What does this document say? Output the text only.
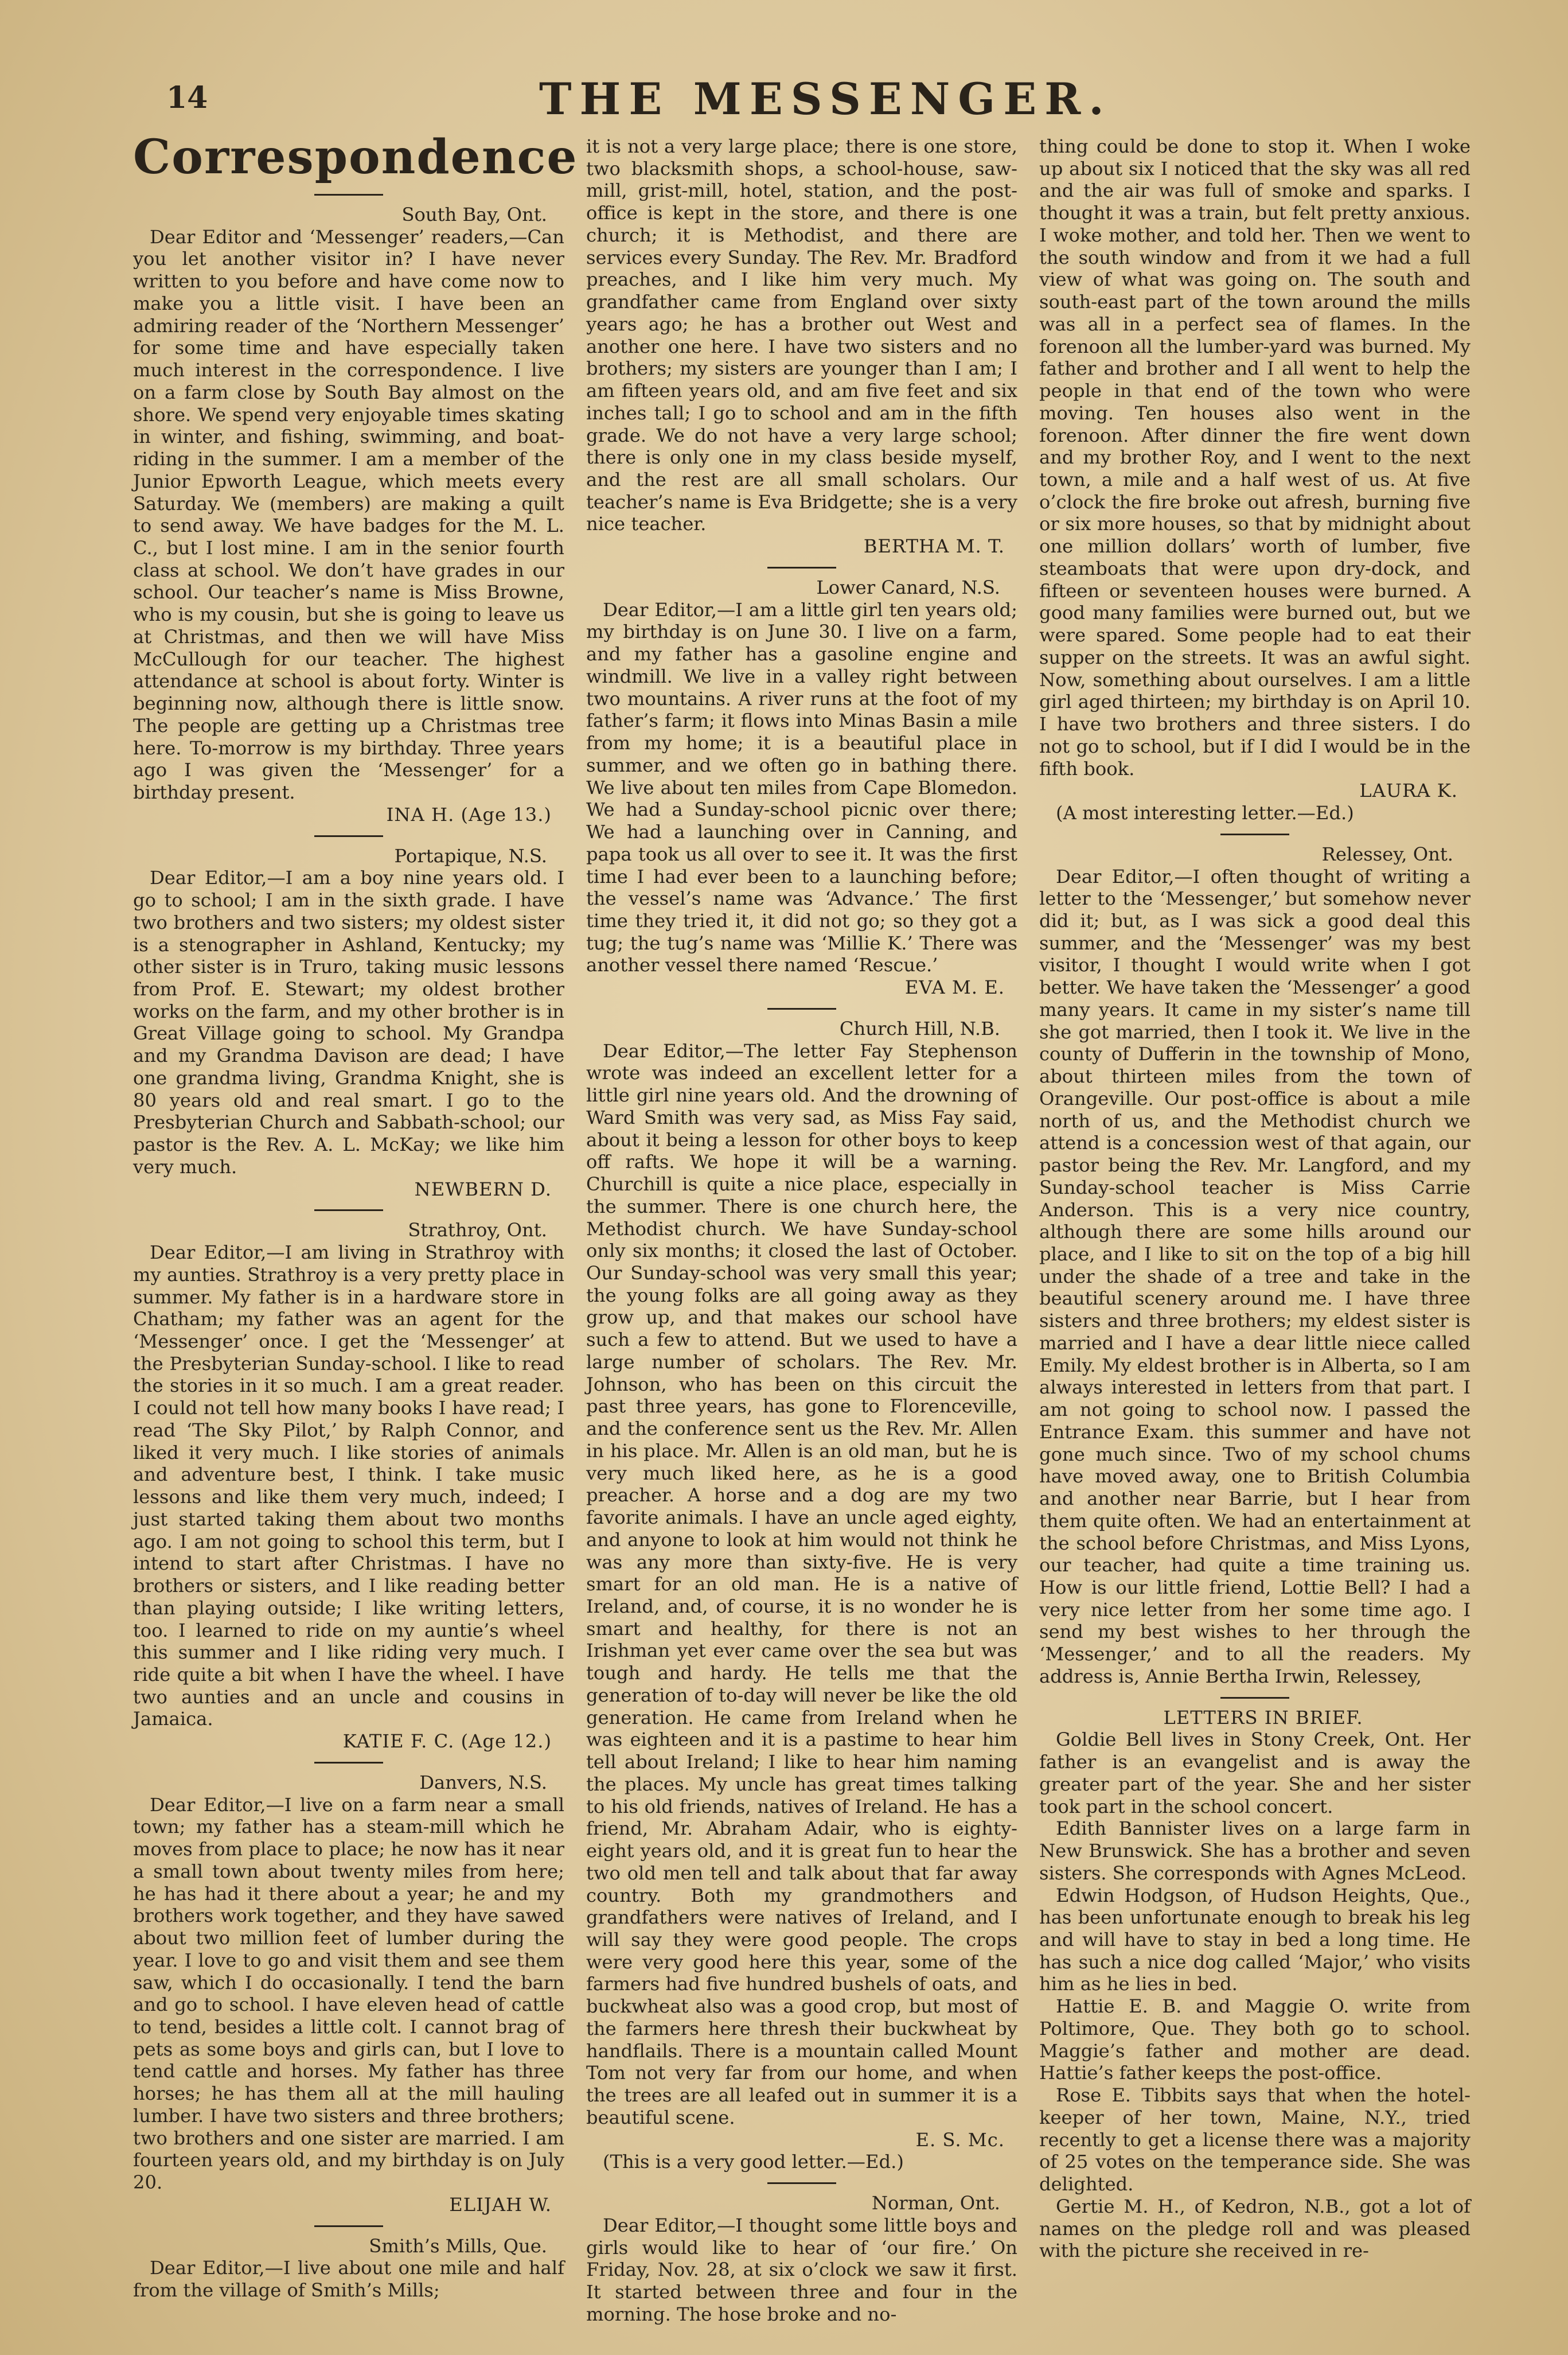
14	THE MESSENGER.
Correspondence

South Bay, Ont.

Dear Editor and ‘Messenger’ readers,—Can you let another visitor in? I have never written to you before and have come now to make you a little visit. I have been an admiring reader of the ‘Northern Messenger’ for some time and have especially taken much interest in the correspondence. I live on a farm close by South Bay almost on the shore. We spend very enjoyable times skating in winter, and fishing, swimming, and boat-riding in the summer. I am a member of the Junior Epworth League, which meets every Saturday. We (members) are making a quilt to send away. We have badges for the M. L. C., but I lost mine. I am in the senior fourth class at school. We don’t have grades in our school. Our teacher’s name is Miss Browne, who is my cousin, but she is going to leave us at Christmas, and then we will have Miss McCullough for our teacher. The highest attendance at school is about forty. Winter is beginning now, although there is little snow. The people are getting up a Christmas tree here. To-morrow is my birthday. Three years ago I was given the ‘Messenger’ for a birthday present.

INA H. (Age 13.)

Portapique, N.S.

Dear Editor,—I am a boy nine years old. I go to school; I am in the sixth grade. I have two brothers and two sisters; my oldest sister is a stenographer in Ashland, Kentucky; my other sister is in Truro, taking music lessons from Prof. E. Stewart; my oldest brother works on the farm, and my other brother is in Great Village going to school. My Grandpa and my Grandma Davison are dead; I have one grandma living, Grandma Knight, she is 80 years old and real smart. I go to the Presbyterian Church and Sabbath-school; our pastor is the Rev. A. L. McKay; we like him very much.

NEWBERN D.

Strathroy, Ont.

Dear Editor,—I am living in Strathroy with my aunties. Strathroy is a very pretty place in summer. My father is in a hardware store in Chatham; my father was an agent for the ‘Messenger’ once. I get the ‘Messenger’ at the Presbyterian Sunday-school. I like to read the stories in it so much. I am a great reader. I could not tell how many books I have read; I read ‘The Sky Pilot,’ by Ralph Connor, and liked it very much. I like stories of animals and adventure best, I think. I take music lessons and like them very much, indeed; I just started taking them about two months ago. I am not going to school this term, but I intend to start after Christmas. I have no brothers or sisters, and I like reading better than playing outside; I like writing letters, too. I learned to ride on my auntie’s wheel this summer and I like riding very much. I ride quite a bit when I have the wheel. I have two aunties and an uncle and cousins in Jamaica.

KATIE F. C. (Age 12.)

Danvers, N.S.

Dear Editor,—I live on a farm near a small town; my father has a steam-mill which he moves from place to place; he now has it near a small town about twenty miles from here; he has had it there about a year; he and my brothers work together, and they have sawed about two million feet of lumber during the year. I love to go and visit them and see them saw, which I do occasionally. I tend the barn and go to school. I have eleven head of cattle to tend, besides a little colt. I cannot brag of pets as some boys and girls can, but I love to tend cattle and horses. My father has three horses; he has them all at the mill hauling lumber. I have two sisters and three brothers; two brothers and one sister are married. I am fourteen years old, and my birthday is on July 20.

ELIJAH W.

Smith’s Mills, Que.

Dear Editor,—I live about one mile and half from the village of Smith’s Mills;

it is not a very large place; there is one store, two blacksmith shops, a school-house, saw-mill, grist-mill, hotel, station, and the post-office is kept in the store, and there is one church; it is Methodist, and there are services every Sunday. The Rev. Mr. Bradford preaches, and I like him very much. My grandfather came from England over sixty years ago; he has a brother out West and another one here. I have two sisters and no brothers; my sisters are younger than I am; I am fifteen years old, and am five feet and six inches tall; I go to school and am in the fifth grade. We do not have a very large school; there is only one in my class beside myself, and the rest are all small scholars. Our teacher’s name is Eva Bridgette; she is a very nice teacher.

BERTHA M. T.

Lower Canard, N.S.

Dear Editor,—I am a little girl ten years old; my birthday is on June 30. I live on a farm, and my father has a gasoline engine and windmill. We live in a valley right between two mountains. A river runs at the foot of my father’s farm; it flows into Minas Basin a mile from my home; it is a beautiful place in summer, and we often go in bathing there. We live about ten miles from Cape Blomedon. We had a Sunday-school picnic over there; We had a launching over in Canning, and papa took us all over to see it. It was the first time I had ever been to a launching before; the vessel’s name was ‘Advance.’ The first time they tried it, it did not go; so they got a tug; the tug’s name was ‘Millie K.’ There was another vessel there named ‘Rescue.’

EVA M. E.

Church Hill, N.B.

Dear Editor,—The letter Fay Stephenson wrote was indeed an excellent letter for a little girl nine years old. And the drowning of Ward Smith was very sad, as Miss Fay said, about it being a lesson for other boys to keep off rafts. We hope it will be a warning. Churchill is quite a nice place, especially in the summer. There is one church here, the Methodist church. We have Sunday-school only six months; it closed the last of October. Our Sunday-school was very small this year; the young folks are all going away as they grow up, and that makes our school have such a few to attend. But we used to have a large number of scholars. The Rev. Mr. Johnson, who has been on this circuit the past three years, has gone to Florenceville, and the conference sent us the Rev. Mr. Allen in his place. Mr. Allen is an old man, but he is very much liked here, as he is a good preacher. A horse and a dog are my two favorite animals. I have an uncle aged eighty, and anyone to look at him would not think he was any more than sixty-five. He is very smart for an old man. He is a native of Ireland, and, of course, it is no wonder he is smart and healthy, for there is not an Irishman yet ever came over the sea but was tough and hardy. He tells me that the generation of to-day will never be like the old generation. He came from Ireland when he was eighteen and it is a pastime to hear him tell about Ireland; I like to hear him naming the places. My uncle has great times talking to his old friends, natives of Ireland. He has a friend, Mr. Abraham Adair, who is eighty-eight years old, and it is great fun to hear the two old men tell and talk about that far away country. Both my grandmothers and grandfathers were natives of Ireland, and I will say they were good people. The crops were very good here this year, some of the farmers had five hundred bushels of oats, and buckwheat also was a good crop, but most of the farmers here thresh their buckwheat by handflails. There is a mountain called Mount Tom not very far from our home, and when the trees are all leafed out in summer it is a beautiful scene.

E. S. Mc.

(This is a very good letter.—Ed.)

Norman, Ont.

Dear Editor,—I thought some little boys and girls would like to hear of ‘our fire.’ On Friday, Nov. 28, at six o’clock we saw it first. It started between three and four in the morning. The hose broke and no-

thing could be done to stop it. When I woke up about six I noticed that the sky was all red and the air was full of smoke and sparks. I thought it was a train, but felt pretty anxious. I woke mother, and told her. Then we went to the south window and from it we had a full view of what was going on. The south and south-east part of the town around the mills was all in a perfect sea of flames. In the forenoon all the lumber-yard was burned. My father and brother and I all went to help the people in that end of the town who were moving. Ten houses also went in the forenoon. After dinner the fire went down and my brother Roy, and I went to the next town, a mile and a half west of us. At five o’clock the fire broke out afresh, burning five or six more houses, so that by midnight about one million dollars’ worth of lumber, five steamboats that were upon dry-dock, and fifteen or seventeen houses were burned. A good many families were burned out, but we were spared. Some people had to eat their supper on the streets. It was an awful sight. Now, something about ourselves. I am a little girl aged thirteen; my birthday is on April 10. I have two brothers and three sisters. I do not go to school, but if I did I would be in the fifth book.

LAURA K.

(A most interesting letter.—Ed.)

Relessey, Ont.

Dear Editor,—I often thought of writing a letter to the ‘Messenger,’ but somehow never did it; but, as I was sick a good deal this summer, and the ‘Messenger’ was my best visitor, I thought I would write when I got better. We have taken the ‘Messenger’ a good many years. It came in my sister’s name till she got married, then I took it. We live in the county of Dufferin in the township of Mono, about thirteen miles from the town of Orangeville. Our post-office is about a mile north of us, and the Methodist church we attend is a concession west of that again, our pastor being the Rev. Mr. Langford, and my Sunday-school teacher is Miss Carrie Anderson. This is a very nice country, although there are some hills around our place, and I like to sit on the top of a big hill under the shade of a tree and take in the beautiful scenery around me. I have three sisters and three brothers; my eldest sister is married and I have a dear little niece called Emily. My eldest brother is in Alberta, so I am always interested in letters from that part. I am not going to school now. I passed the Entrance Exam. this summer and have not gone much since. Two of my school chums have moved away, one to British Columbia and another near Barrie, but I hear from them quite often. We had an entertainment at the school before Christmas, and Miss Lyons, our teacher, had quite a time training us. How is our little friend, Lottie Bell? I had a very nice letter from her some time ago. I send my best wishes to her through the ‘Messenger,’ and to all the readers. My address is, Annie Bertha Irwin, Relessey,

LETTERS IN BRIEF.

Goldie Bell lives in Stony Creek, Ont. Her father is an evangelist and is away the greater part of the year. She and her sister took part in the school concert.

Edith Bannister lives on a large farm in New Brunswick. She has a brother and seven sisters. She corresponds with Agnes McLeod.

Edwin Hodgson, of Hudson Heights, Que., has been unfortunate enough to break his leg and will have to stay in bed a long time. He has such a nice dog called ‘Major,’ who visits him as he lies in bed.

Hattie E. B. and Maggie O. write from Poltimore, Que. They both go to school. Maggie’s father and mother are dead. Hattie’s father keeps the post-office.

Rose E. Tibbits says that when the hotel-keeper of her town, Maine, N.Y., tried recently to get a license there was a majority of 25 votes on the temperance side. She was delighted.

Gertie M. H., of Kedron, N.B., got a lot of names on the pledge roll and was pleased with the picture she received in re-
